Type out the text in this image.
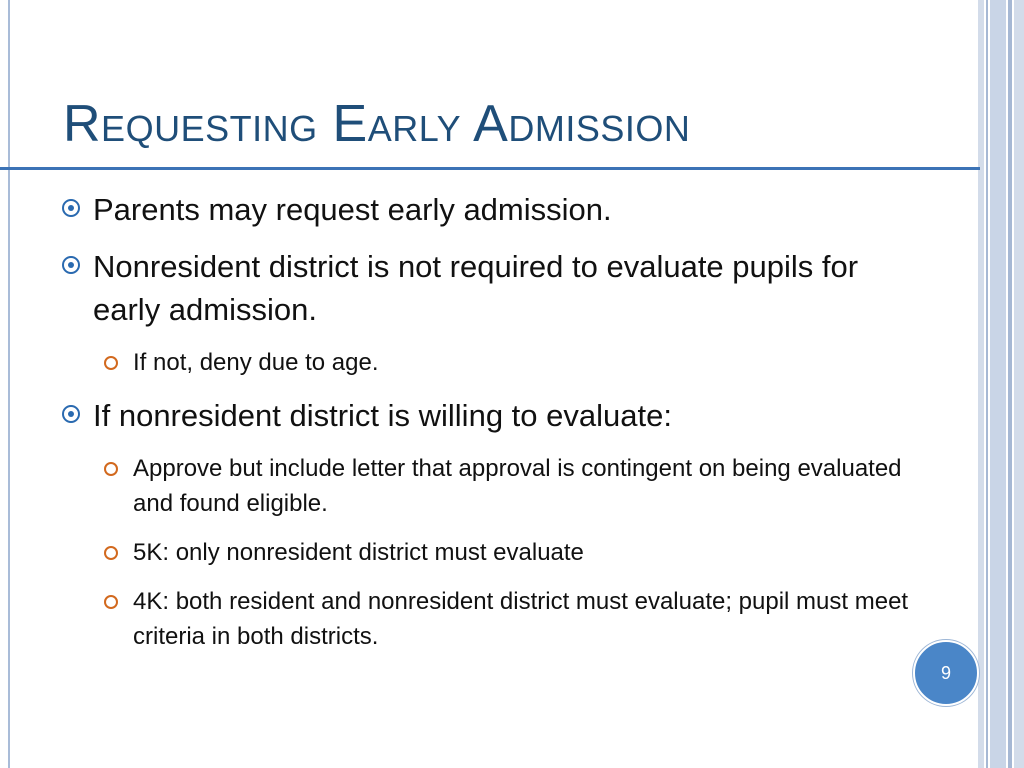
Requesting Early Admission
Parents may request early admission.
Nonresident district is not required to evaluate pupils for early admission.
If not, deny due to age.
If nonresident district is willing to evaluate:
Approve but include letter that approval is contingent on being evaluated and found eligible.
5K: only nonresident district must evaluate
4K: both resident and nonresident district must evaluate; pupil must meet criteria in both districts.
9
